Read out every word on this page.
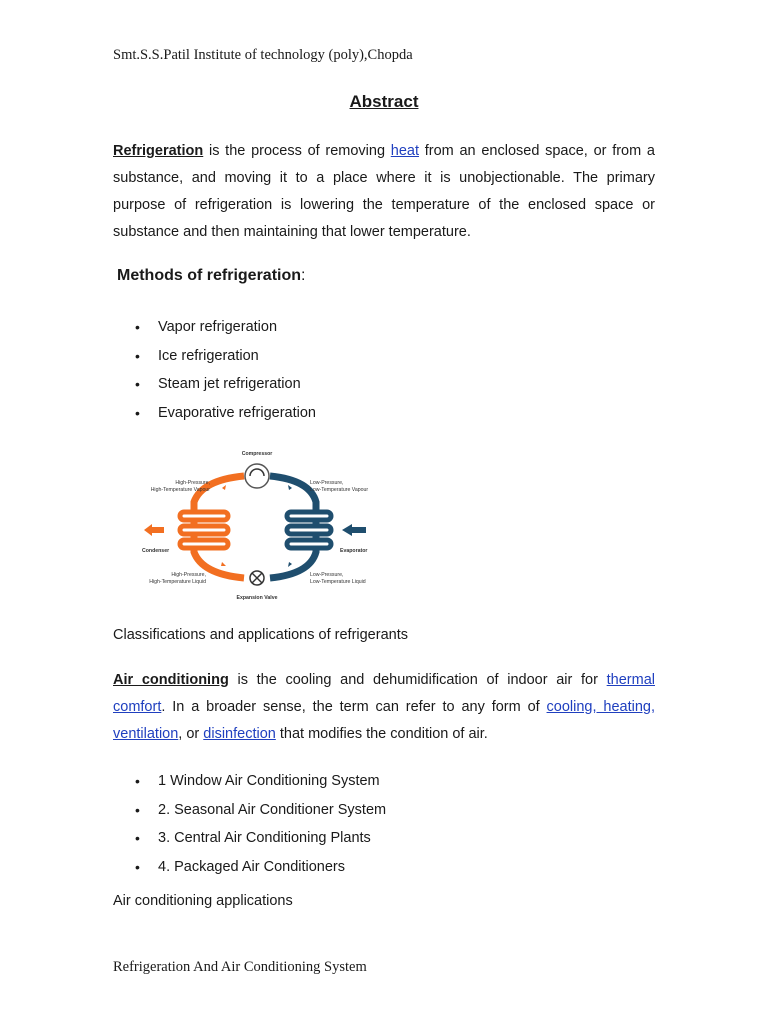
Smt.S.S.Patil Institute of technology (poly),Chopda
Abstract

Refrigeration is the process of removing heat from an enclosed space, or from a substance, and moving it to a place where it is unobjectionable. The primary purpose of refrigeration is lowering the temperature of the enclosed space or substance and then maintaining that lower temperature.

Methods of refrigeration:
• Vapor refrigeration
• Ice refrigeration
• Steam jet refrigeration
• Evaporative refrigeration
Compressor
High-Pressure,
High-Temperature Vapour
Low-Pressure,
Low-Temperature Vapour
Condenser	Evaporator
High-Pressure,
High-Temperature Liquid
Low-Pressure,
Low-Temperature Liquid
Expansion Valve
Classifications and applications of refrigerants

Air conditioning is the cooling and dehumidification of indoor air for thermal comfort. In a broader sense, the term can refer to any form of cooling, heating, ventilation, or disinfection that modifies the condition of air.

• 1 Window Air Conditioning System
• 2. Seasonal Air Conditioner System
• 3. Central Air Conditioning Plants
• 4. Packaged Air Conditioners
Air conditioning applications
Refrigeration And Air Conditioning System
